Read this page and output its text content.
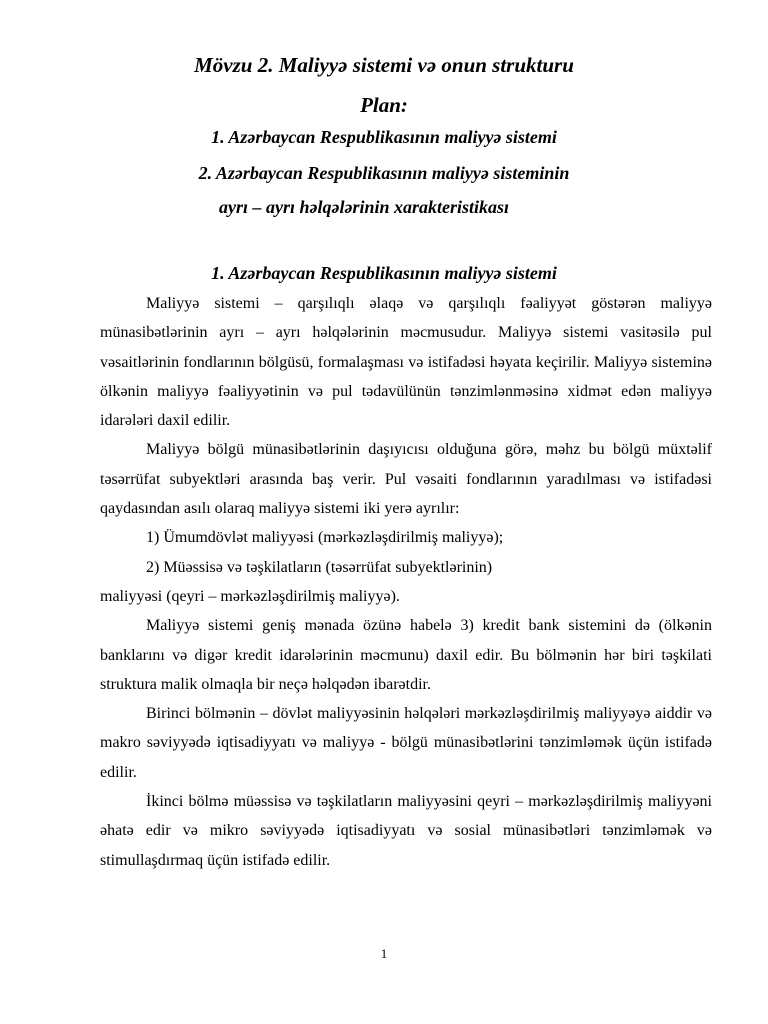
Mövzu 2. Maliyyə sistemi və onun strukturu
Plan:
1. Azərbaycan Respublikasının maliyyə sistemi
2. Azərbaycan Respublikasının maliyyə sisteminin
ayrı – ayrı həlqələrinin xarakteristikası
1. Azərbaycan Respublikasının maliyyə sistemi

Maliyyə sistemi – qarşılıqlı əlaqə və qarşılıqlı fəaliyyət göstərən maliyyə münasibətlərinin ayrı – ayrı həlqələrinin məcmusudur. Maliyyə sistemi vasitəsilə pul vəsaitlərinin fondlarının bölgüsü, formalaşması və istifadəsi həyata keçirilir. Maliyyə sisteminə ölkənin maliyyə fəaliyyətinin və pul tədavülünün tənzimlənməsinə xidmət edən maliyyə idarələri daxil edilir.

Maliyyə bölgü münasibətlərinin daşıyıcısı olduğuna görə, məhz bu bölgü müxtəlif təsərrüfat subyektləri arasında baş verir. Pul vəsaiti fondlarının yaradılması və istifadəsi qaydasından asılı olaraq maliyyə sistemi iki yerə ayrılır:

1) Ümumdövlət maliyyəsi (mərkəzləşdirilmiş maliyyə);

2) Müəssisə və təşkilatların (təsərrüfat subyektlərinin)

maliyyəsi (qeyri – mərkəzləşdirilmiş maliyyə).

Maliyyə sistemi geniş mənada özünə habelə 3) kredit bank sistemini də (ölkənin banklarını və digər kredit idarələrinin məcmunu) daxil edir. Bu bölmənin hər biri təşkilati struktura malik olmaqla bir neçə həlqədən ibarətdir.

Birinci bölmənin – dövlət maliyyəsinin həlqələri mərkəzləşdirilmiş maliyyəyə aiddir və makro səviyyədə iqtisadiyyatı və maliyyə - bölgü münasibətlərini tənzimləmək üçün istifadə edilir.

İkinci bölmə müəssisə və təşkilatların maliyyəsini qeyri – mərkəzləşdirilmiş maliyyəni əhatə edir və mikro səviyyədə iqtisadiyyatı və sosial münasibətləri tənzimləmək və stimullaşdırmaq üçün istifadə edilir.

1
